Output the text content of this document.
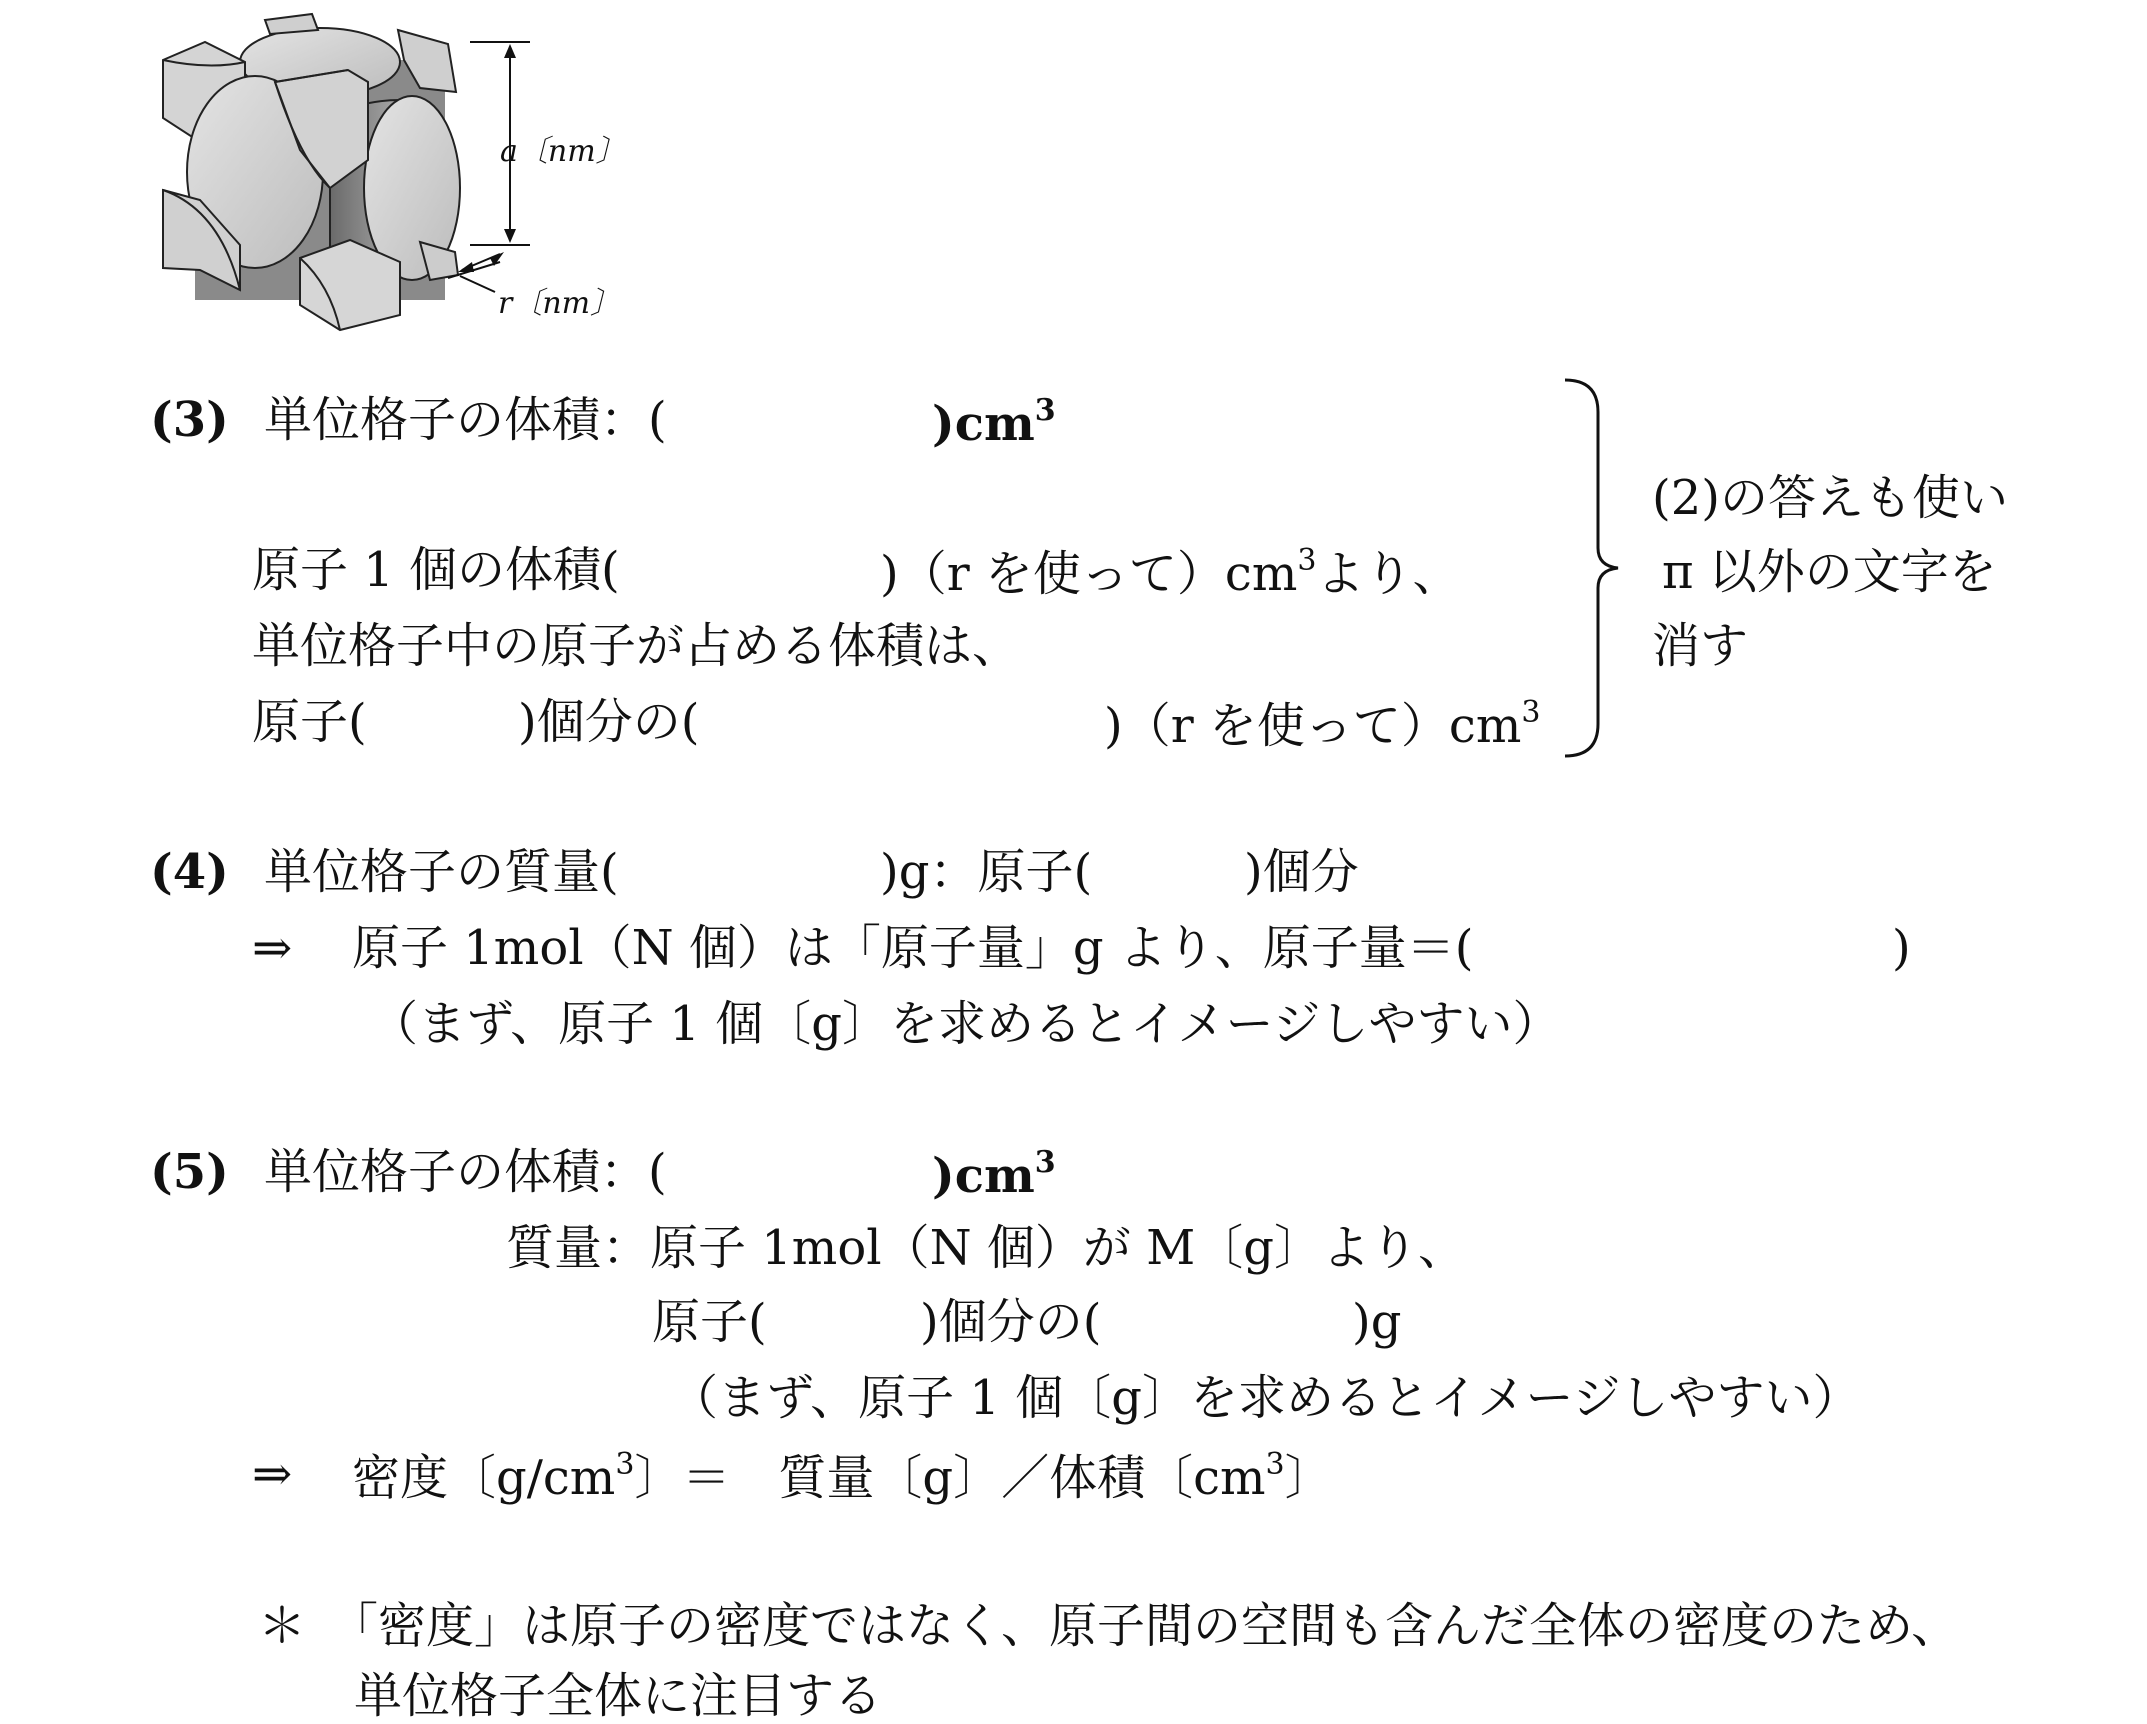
a〔nm〕
r〔nm〕
(3) 単位格子の体積：(	)$cm^3$
原子 1 個の体積(	)（r を使って）$cm^3$より、
単位格子中の原子が占める体積は、
原子(	)個分の(	)（r を使って）$cm^3$
(2)の答えも使い
π 以外の文字を
消す
(4) 単位格子の質量(	)g：原子(	)個分
⇒ 原子 1mol（N 個）は「原子量」g より、原子量＝(	)
（まず、原子 1 個〔g〕を求めるとイメージしやすい）
(5) 単位格子の体積：(	)$cm^3$
質量：原子 1mol（N 個）が M〔g〕より、
原子(	)個分の(	)g
（まず、原子 1 個〔g〕を求めるとイメージしやすい）
⇒ 密度〔$g/cm^3$〕＝　質量〔g〕／体積〔$cm^3$〕
＊ 「密度」は原子の密度ではなく、原子間の空間も含んだ全体の密度のため、
単位格子全体に注目する
